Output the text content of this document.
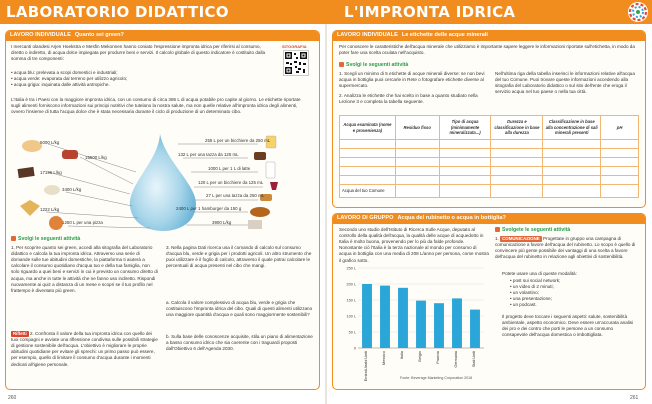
LABORATORIO DIDATTICO	L'IMPRONTA IDRICA
LAVORO INDIVIDUALE Quanto sei green?
I mercanti olandesi Arjen Hoekstra e Mesfin Mekonnen hanno coniato l'espressione impronta idrica per riferirsi al consumo, diretto o indiretto, di acqua dolce impiegata per produrre beni e servizi. Il calcolo globale di questo indicatore è costituito dalla somma di tre componenti:
• acqua blu: prelevata a scopi domestici e industriali;
• acqua verde: evaporata dal terreno per utilizzo agricolo;
• acqua grigia: inquinata dalle attività antropiche.
SITOGRAFIA
L'Italia è tra i Paesi con la maggiore impronta idrica, con un consumo di circa 386 L di acqua potabile pro capite al giorno. Le etichette riportate sugli alimenti forniscono informazioni sui principi nutritivi che tutelano la nostra salute, ma non quelle relative all'impronta idrica degli alimenti, ovvero l'insieme di tutta l'acqua dolce che è stata necessaria durante il ciclo di produzione di un determinato cibo.
5000 L/kg
15500 L/kg
17196 L/kg
3400 L/kg
1222 L/kg
1250 L per una pizza
255 L per un bicchiere da 250 mL
132 L per una tazza da 125 mL
1000 L per 1 L di latte
120 L per un bicchiere da 125 mL
27 L per una tazza da 250 mL
2400 L per 1 hamburger da 150 g
3900 L/kg
Svolgi le seguenti attività
1. Per scoprire quanto sei green, accedi alla sitografia del Laboratorio didattico e calcola la tua impronta idrica. Attraverso una serie di domande sulle tue abitudini domestiche, la piattaforma ti aiuterà a calcolare il consumo quotidiano d'acqua tuo e della tua famiglia, non solo riguardo a quei beni e servizi in cui è previsto un consumo diretto di acqua, ma anche in tutte le attività che ne fanno uso indiretto. Rispondi nuovamente ai quiz a distanza di un mese e scopri se il tuo profilo nel frattempo è diventato più green.
Rifletti 2. Confronta il valore della tua impronta idrica con quello dei tuoi compagni e avviate una riflessione condivisa sulle possibili strategie di gestione sostenibile dell'acqua. L'obiettivo è migliorare le proprie abitudini quotidiane per evitare gli sprechi: un primo passo può essere, per esempio, quello di limitare il consumo d'acqua durante i momenti dedicati all'igiene personale.
3. Nella pagina Dati ricerca usa il comando di calcolo sul consumo d'acqua blu, verde e grigia per i prodotti agricoli. Un altro strumento che puoi utilizzare è il foglio di calcolo, attraverso il quale potrai calcolare le percentuali di acqua presenti nel cibo che mangi.
a. Calcola il valore complessivo di acqua blu, verde e grigia che costituiscono l'impronta idrica del cibo. Quali di questi alimenti utilizzano una maggiore quantità d'acqua e quali sono maggiormente sostenibili?
b. Sulla base delle conoscenze acquisite, stila un piano di alimentazione a basso consumo idrico che sia coerente con i traguardi proposti dall'Obiettivo 6 dell'Agenda 2030.
260
LAVORO INDIVIDUALE Le etichette delle acque minerali
Per conoscere le caratteristiche dell'acqua minerale che utilizziamo è importante sapere leggere le informazioni riportate sull'etichetta, in modo da poter fare una scelta oculata nell'acquisto.
Svolgi le seguenti attività
1. Scegli un minimo di 5 etichette di acque minerali diverse: se non bevi acqua in bottiglia puoi cercarle in Rete o fotografare etichette diverse al supermercato.
2. Analizza le etichette che hai scelto in base a quanto studiato nella Lezione 3 e completa la tabella seguente.
Nell'ultima riga della tabella inserisci le informazioni relative all'acqua del tuo Comune. Puoi trovare queste informazioni accedendo alla sitografia del Laboratorio didattico o sul sito dell'ente che eroga il servizio acqua nel tuo paese o nella tua città.
Acqua esaminata (nome e provenienza)	Residuo fisso	Tipo di acqua (minimamente mineralizzata...)	Durezza e classificazione in base alla durezza	Classificazione in base alla concentrazione di sali minerali presenti	pH

Acqua del tuo Comune					
LAVORO DI GRUPPO Acqua del rubinetto o acqua in bottiglia?
Secondo uno studio dell'Istituto di Ricerca Sulle Acque, deputato al controllo della qualità dell'acqua, la qualità delle acque di acquedotto in Italia è molto buona, provenendo per lo più da falde profonde. Nonostante ciò l'Italia è la terza nazionale al mondo per consumo di acqua in bottiglia con una media di 208 L/anno per persona, come mostra il grafico sotto.
0
50 L
100 L
150 L
200 L
250 L
Emirati Arabi Uniti	Messico	Italia	Belgio	Francia	Germania	Stati Uniti
Fonte: Beverage Marketing Corporation 2018
Svolgete le seguenti attività
1. COMUNICAZIONE Progettate in gruppo una campagna di comunicazione a favore dell'acqua del rubinetto. Lo scopo è quello di convincere più gente possibile dei vantaggi di una scelta a favore dell'acqua del rubinetto in relazione agli obiettivi di sostenibilità.
Potete usare una di queste modalità:
• post sui social network;
• un video di 2 minuti;
• un volantino;
• una presentazione;
• un podcast.
Il progetto deve toccare i seguenti aspetti: salute, sostenibilità ambientale, aspetto economico. Deve essere un'accurata analisi dei pro e dei contro che porti le persone a un consumo consapevole dell'acqua domestica o imbottigliata.
261
